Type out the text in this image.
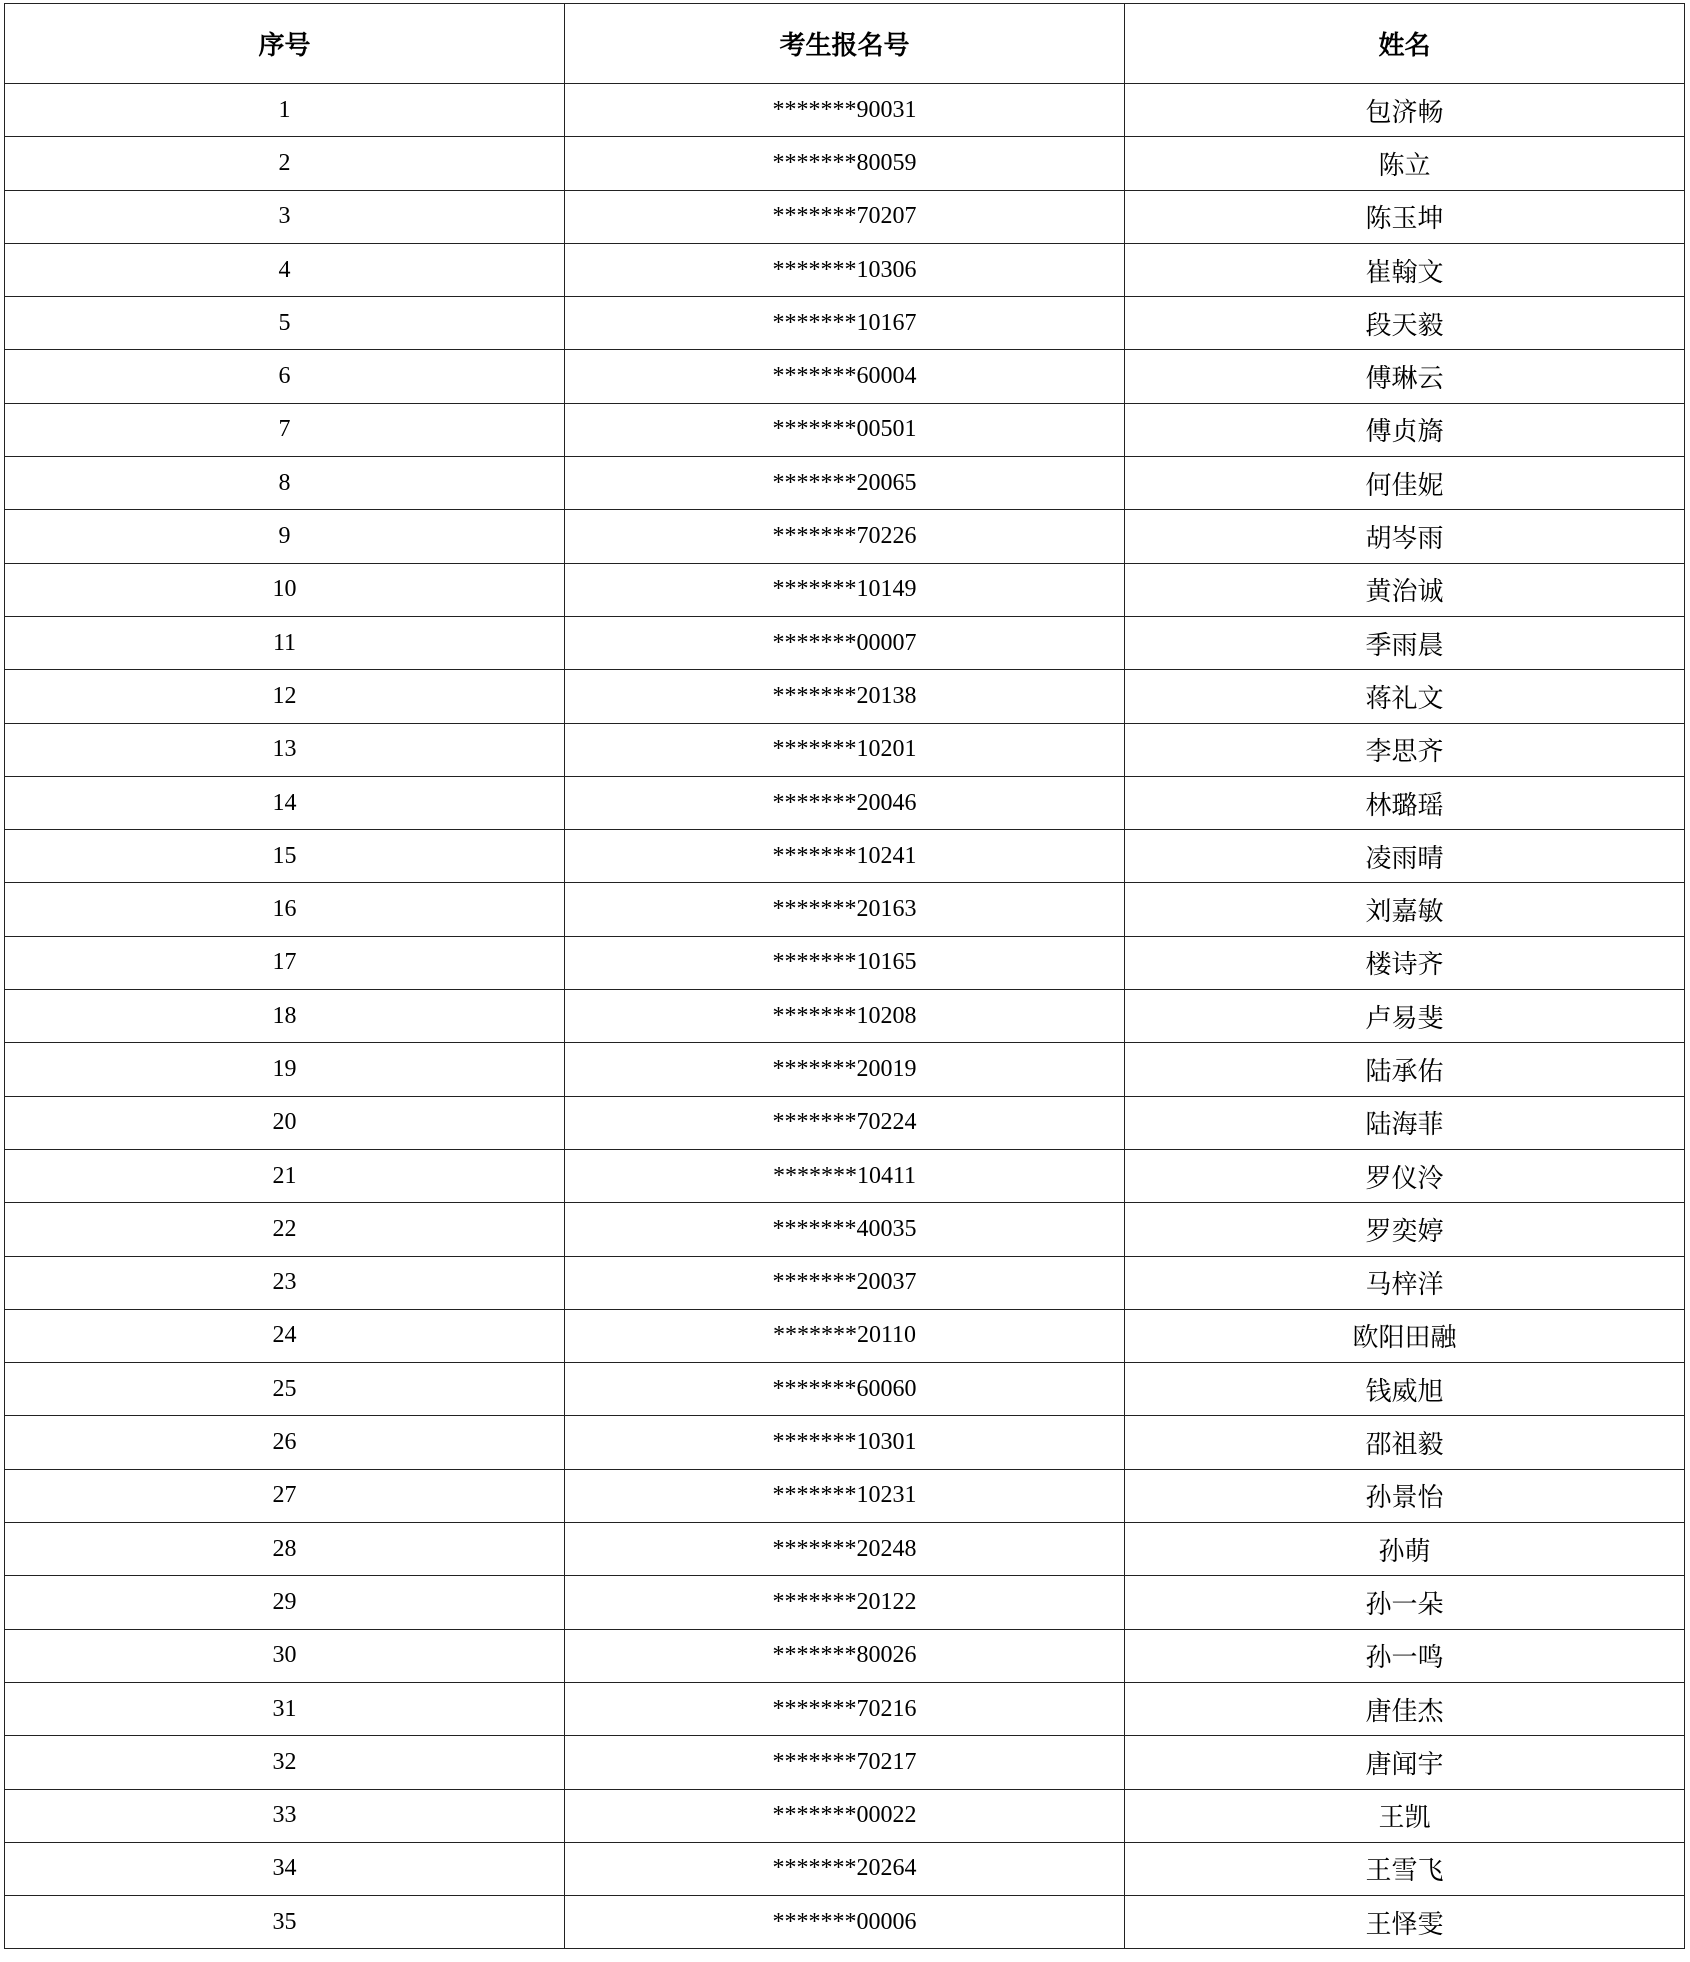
序号	考生报名号	姓名
1	*******90031	包济畅
2	*******80059	陈立
3	*******70207	陈玉坤
4	*******10306	崔翰文
5	*******10167	段天毅
6	*******60004	傅琳云
7	*******00501	傅贞旖
8	*******20065	何佳妮
9	*******70226	胡岑雨
10	*******10149	黄治诚
11	*******00007	季雨晨
12	*******20138	蒋礼文
13	*******10201	李思齐
14	*******20046	林璐瑶
15	*******10241	凌雨晴
16	*******20163	刘嘉敏
17	*******10165	楼诗齐
18	*******10208	卢易斐
19	*******20019	陆承佑
20	*******70224	陆海菲
21	*******10411	罗仪泠
22	*******40035	罗奕婷
23	*******20037	马梓洋
24	*******20110	欧阳田融
25	*******60060	钱威旭
26	*******10301	邵祖毅
27	*******10231	孙景怡
28	*******20248	孙萌
29	*******20122	孙一朵
30	*******80026	孙一鸣
31	*******70216	唐佳杰
32	*******70217	唐闻宇
33	*******00022	王凯
34	*******20264	王雪飞
35	*******00006	王怿雯
